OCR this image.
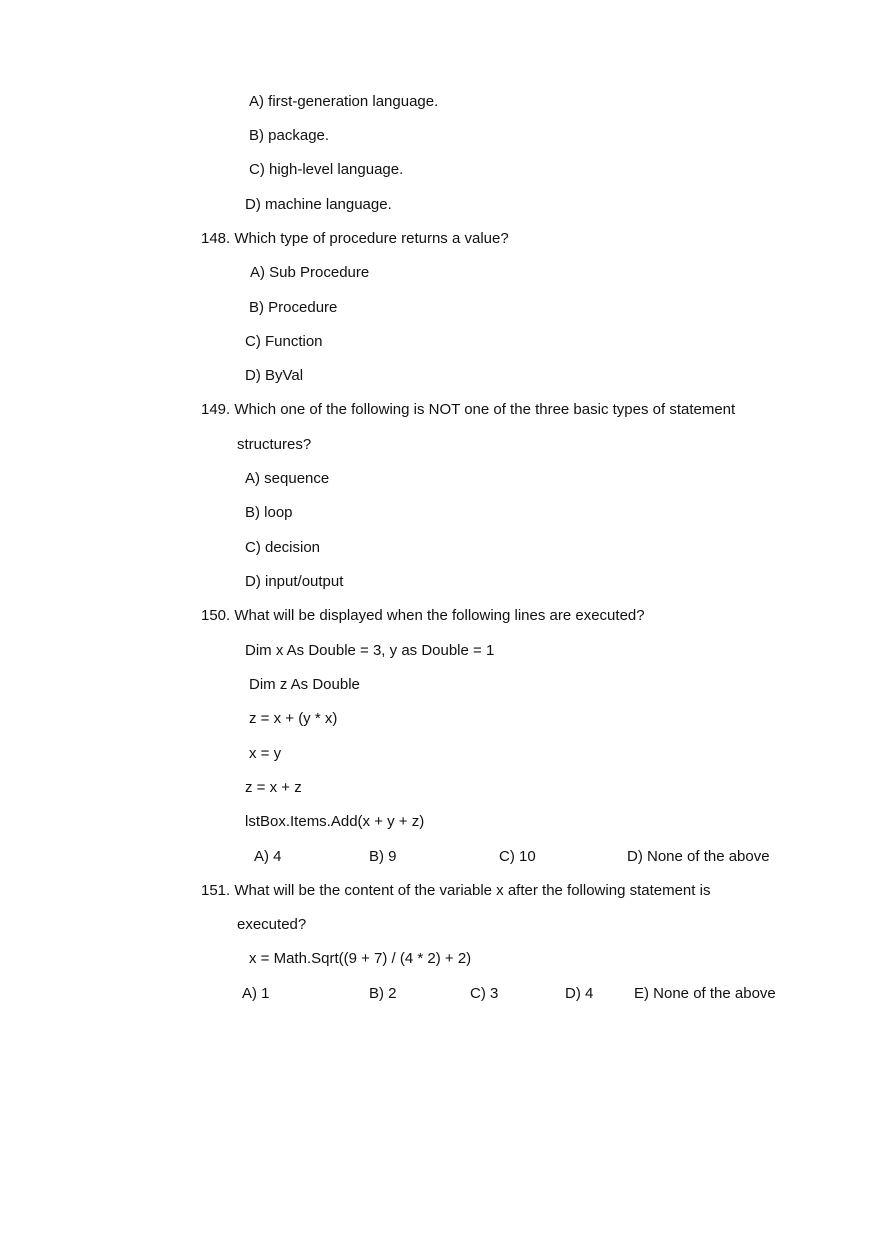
A) first-generation language.
B) package.
C) high-level language.
D) machine language.
148. Which type of procedure returns a value?
A) Sub Procedure
B) Procedure
C) Function
D) ByVal
149. Which one of the following is NOT one of the three basic types of statement
structures?
A) sequence
B) loop
C) decision
D) input/output
150. What will be displayed when the following lines are executed?
Dim x As Double = 3, y as Double = 1
Dim z As Double
z = x + (y * x)
x = y
z = x + z
lstBox.Items.Add(x + y + z)
A) 4	B) 9	C) 10	D) None of the above
151. What will be the content of the variable x after the following statement is
executed?
x = Math.Sqrt((9 + 7) / (4 * 2) + 2)
A) 1	B) 2	C) 3	D) 4	E) None of the above
